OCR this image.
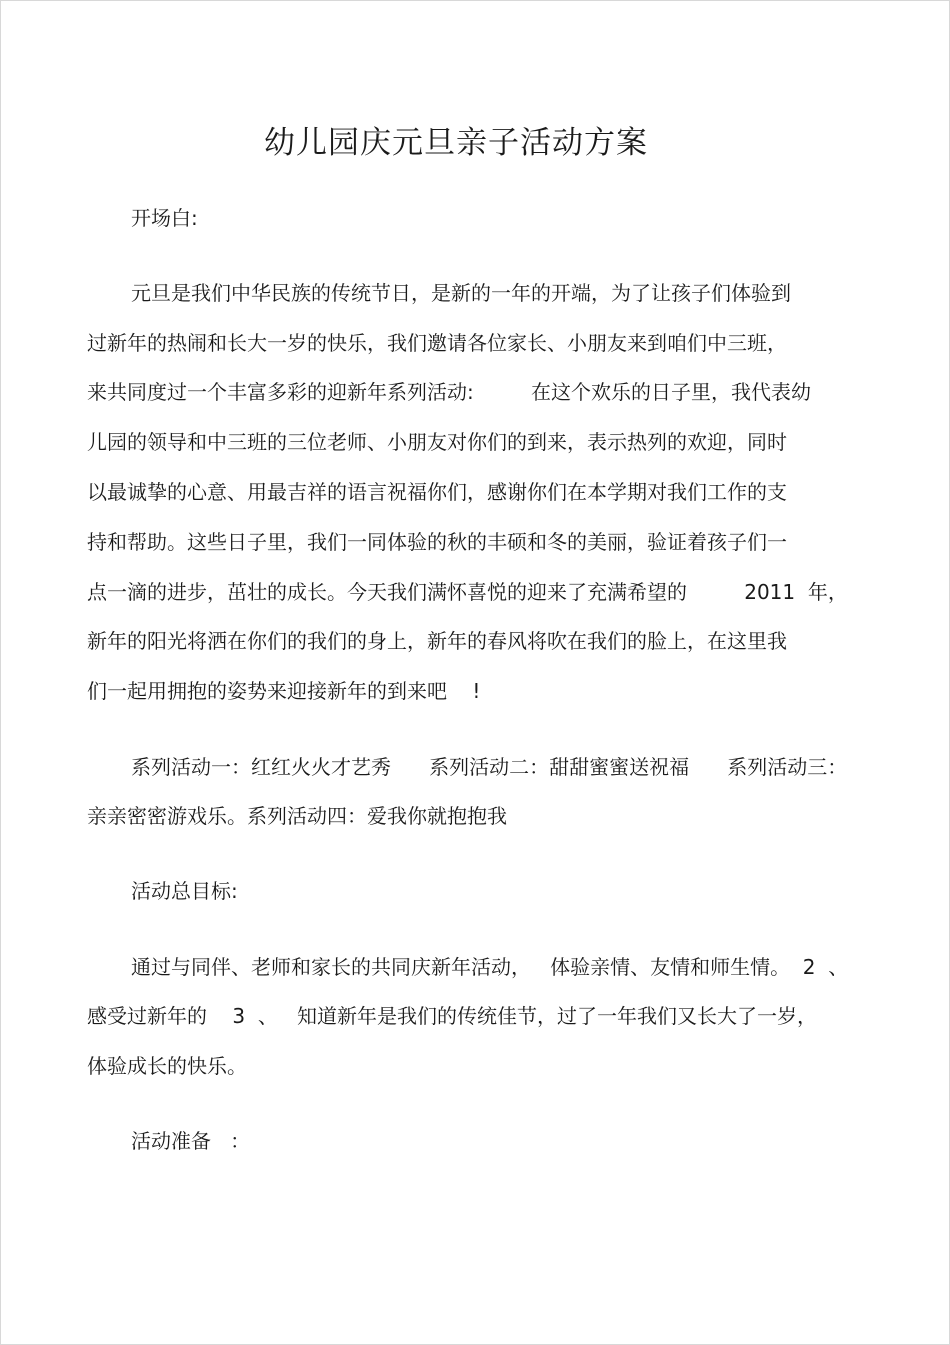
幼儿园庆元旦亲子活动方案
开场白:
元旦是我们中华民族的传统节日，是新的一年的开端，为了让孩子们体验到
过新年的热闹和长大一岁的快乐，我们邀请各位家长、小朋友来到咱们中三班，
来共同度过一个丰富多彩的迎新年系列活动:         在这个欢乐的日子里，我代表幼
儿园的领导和中三班的三位老师、小朋友对你们的到来，表示热列的欢迎，同时
以最诚挚的心意、用最吉祥的语言祝福你们，感谢你们在本学期对我们工作的支
持和帮助。这些日子里，我们一同体验的秋的丰硕和冬的美丽，验证着孩子们一
点一滴的进步，茁壮的成长。今天我们满怀喜悦的迎来了充满希望的         2011  年，
新年的阳光将洒在你们的我们的身上，新年的春风将吹在我们的脸上，在这里我
们一起用拥抱的姿势来迎接新年的到来吧    !
系列活动一：红红火火才艺秀      系列活动二：甜甜蜜蜜送祝福      系列活动三：
亲亲密密游戏乐。系列活动四：爱我你就抱抱我
活动总目标:
通过与同伴、老师和家长的共同庆新年活动，   体验亲情、友情和师生情。  2  、
感受过新年的    3  、   知道新年是我们的传统佳节，过了一年我们又长大了一岁，
体验成长的快乐。
活动准备   ：
